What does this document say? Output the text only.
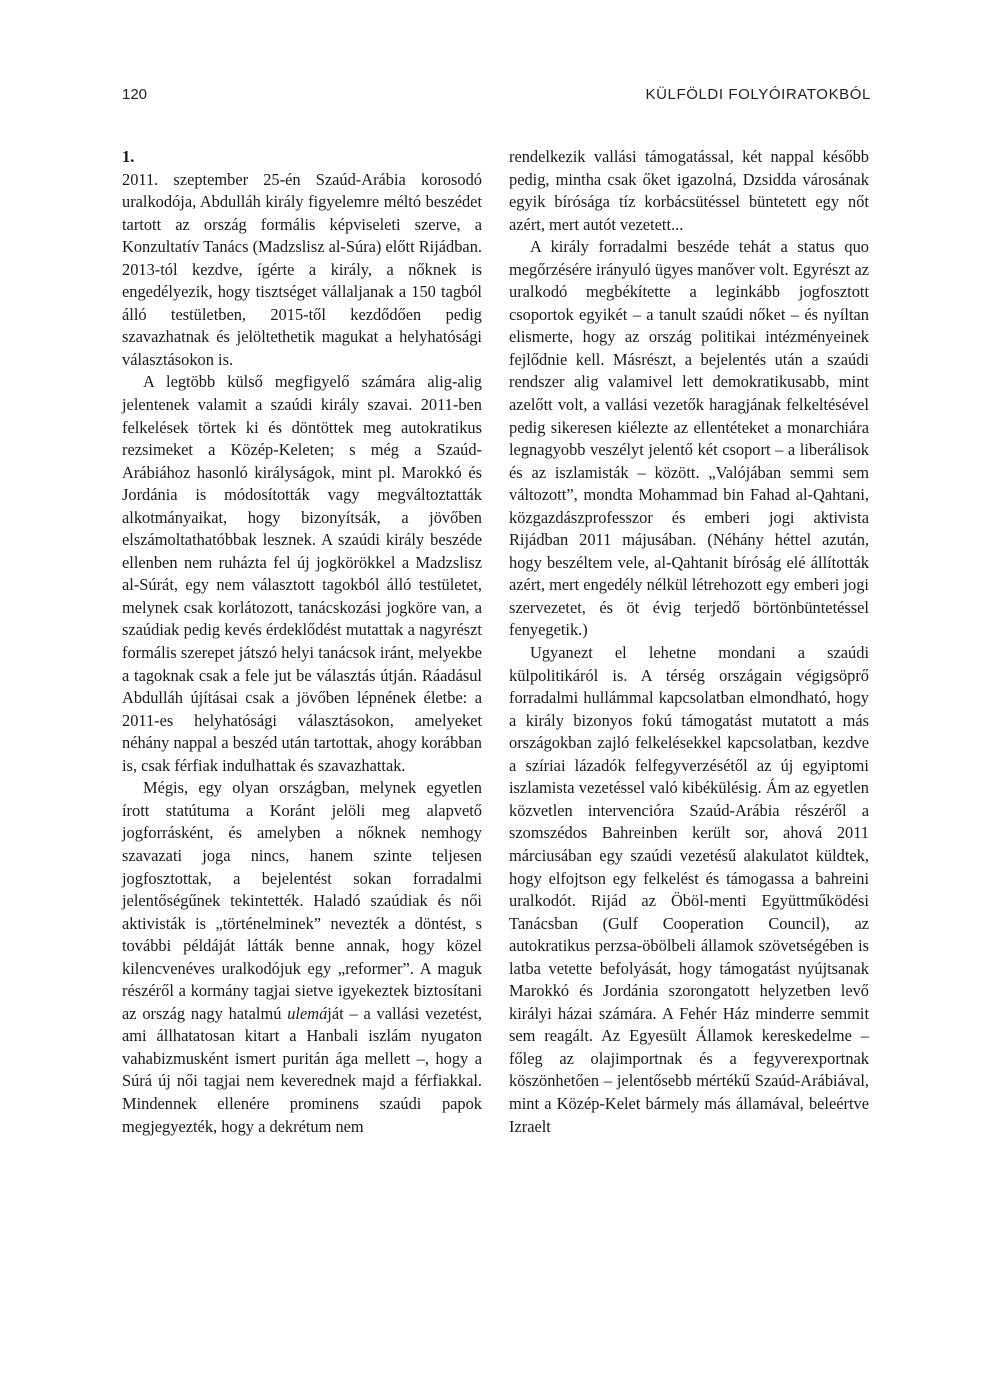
120	KÜLFÖLDI FOLYÓIRATOKBÓL

1.

2011. szeptember 25-én Szaúd-Arábia korosodó uralkodója, Abdulláh király figyelemre méltó beszédet tartott az ország formális képviseleti szerve, a Konzultatív Tanács (Madzslisz al-Súra) előtt Rijádban. 2013-tól kezdve, ígérte a király, a nőknek is engedélyezik, hogy tisztséget vállaljanak a 150 tagból álló testületben, 2015-től kezdődően pedig szavazhatnak és jelöltethetik magukat a helyhatósági választásokon is.

A legtöbb külső megfigyelő számára alig-alig jelentenek valamit a szaúdi király szavai. 2011-ben felkelések törtek ki és döntöttek meg autokratikus rezsimeket a Közép-Keleten; s még a Szaúd-Arábiához hasonló királyságok, mint pl. Marokkó és Jordánia is módosították vagy megváltoztatták alkotmányaikat, hogy bizonyítsák, a jövőben elszámoltathatóbbak lesznek. A szaúdi király beszéde ellenben nem ruházta fel új jogkörökkel a Madzslisz al-Súrát, egy nem választott tagokból álló testületet, melynek csak korlátozott, tanácskozási jogköre van, a szaúdiak pedig kevés érdeklődést mutattak a nagyrészt formális szerepet játszó helyi tanácsok iránt, melyekbe a tagoknak csak a fele jut be választás útján. Ráadásul Abdulláh újításai csak a jövőben lépnének életbe: a 2011-es helyhatósági választásokon, amelyeket néhány nappal a beszéd után tartottak, ahogy korábban is, csak férfiak indulhattak és szavazhattak.

Mégis, egy olyan országban, melynek egyetlen írott statútuma a Koránt jelöli meg alapvető jogforrásként, és amelyben a nőknek nemhogy szavazati joga nincs, hanem szinte teljesen jogfosztottak, a bejelentést sokan forradalmi jelentőségűnek tekintették. Haladó szaúdiak és női aktivisták is „történelminek” nevezték a döntést, s további példáját látták benne annak, hogy közel kilencvenéves uralkodójuk egy „reformer”. A maguk részéről a kormány tagjai sietve igyekeztek biztosítani az ország nagy hatalmú ulemáját – a vallási vezetést, ami állhatatosan kitart a Hanbali iszlám nyugaton vahabizmusként ismert puritán ága mellett –, hogy a Súrá új női tagjai nem keverednek majd a férfiakkal. Mindennek ellenére prominens szaúdi papok megjegyezték, hogy a dekrétum nem

rendelkezik vallási támogatással, két nappal később pedig, mintha csak őket igazolná, Dzsidda városának egyik bírósága tíz korbácsütéssel büntetett egy nőt azért, mert autót vezetett...

A király forradalmi beszéde tehát a status quo megőrzésére irányuló ügyes manőver volt. Egyrészt az uralkodó megbékítette a leginkább jogfosztott csoportok egyikét – a tanult szaúdi nőket – és nyíltan elismerte, hogy az ország politikai intézményeinek fejlődnie kell. Másrészt, a bejelentés után a szaúdi rendszer alig valamivel lett demokratikusabb, mint azelőtt volt, a vallási vezetők haragjának felkeltésével pedig sikeresen kiélezte az ellentéteket a monarchiára legnagyobb veszélyt jelentő két csoport – a liberálisok és az iszlamisták – között. „Valójában semmi sem változott”, mondta Mohammad bin Fahad al-Qahtani, közgazdászprofesszor és emberi jogi aktivista Rijádban 2011 májusában. (Néhány héttel azután, hogy beszéltem vele, al-Qahtanit bíróság elé állították azért, mert engedély nélkül létrehozott egy emberi jogi szervezetet, és öt évig terjedő börtönbüntetéssel fenyegetik.)

Ugyanezt el lehetne mondani a szaúdi külpolitikáról is. A térség országain végigsöprő forradalmi hullámmal kapcsolatban elmondható, hogy a király bizonyos fokú támogatást mutatott a más országokban zajló felkelésekkel kapcsolatban, kezdve a szíriai lázadók felfegyverzésétől az új egyiptomi iszlamista vezetéssel való kibékülésig. Ám az egyetlen közvetlen intervencióra Szaúd-Arábia részéről a szomszédos Bahreinben került sor, ahová 2011 márciusában egy szaúdi vezetésű alakulatot küldtek, hogy elfojtson egy felkelést és támogassa a bahreini uralkodót. Rijád az Öböl-menti Együttműködési Tanácsban (Gulf Cooperation Council), az autokratikus perzsa-öbölbeli államok szövetségében is latba vetette befolyását, hogy támogatást nyújtsanak Marokkó és Jordánia szorongatott helyzetben levő királyi házai számára. A Fehér Ház minderre semmit sem reagált. Az Egyesült Államok kereskedelme – főleg az olajimportnak és a fegyverexportnak köszönhetően – jelentősebb mértékű Szaúd-Arábiával, mint a Közép-Kelet bármely más államával, beleértve Izraelt
